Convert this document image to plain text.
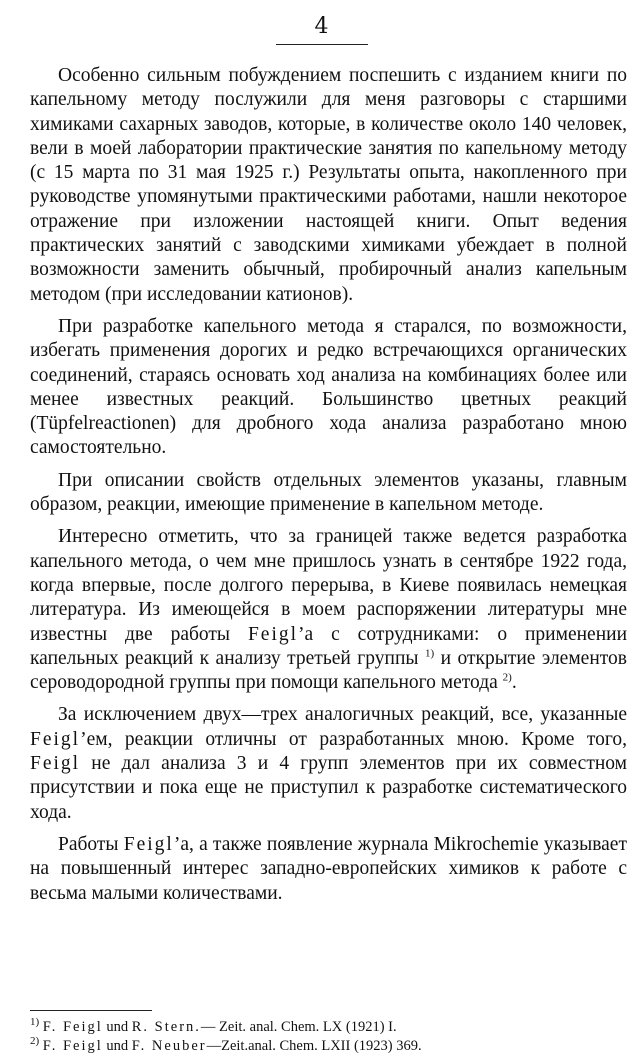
4

Особенно сильным побуждением поспешить с изданием книги по капельному методу послужили для меня разговоры с старшими химиками сахарных заводов, которые, в количестве около 140 человек, вели в моей лаборатории практические занятия по капельному методу (с 15 марта по 31 мая 1925 г.) Результаты опыта, накопленного при руководстве упомянутыми практическими работами, нашли некоторое отражение при изложении настоящей книги. Опыт ведения практических занятий с заводскими химиками убеждает в полной возможности заменить обычный, пробирочный анализ капельным методом (при исследовании катионов).

При разработке капельного метода я старался, по возможности, избегать применения дорогих и редко встречающихся органических соединений, стараясь основать ход анализа на комбинациях более или менее известных реакций. Большинство цветных реакций (Tüpfelreactionen) для дробного хода анализа разработано мною самостоятельно.

При описании свойств отдельных элементов указаны, главным образом, реакции, имеющие применение в капельном методе.

Интересно отметить, что за границей также ведется разработка капельного метода, о чем мне пришлось узнать в сентябре 1922 года, когда впервые, после долгого перерыва, в Киеве появилась немецкая литература. Из имеющейся в моем распоряжении литературы мне известны две работы Feigl’а с сотрудниками: о применении капельных реакций к анализу третьей группы $^{1)}$ и открытие элементов сероводородной группы при помощи капельного метода $^{2)}$.

За исключением двух—трех аналогичных реакций, все, указанные Feigl’ем, реакции отличны от разработанных мною. Кроме того, Feigl не дал анализа 3 и 4 групп элементов при их совместном присутствии и пока еще не приступил к разработке систематического хода.

Работы Feigl’а, а также появление журнала Mikrochemie указывает на повышенный интерес западно-европейских химиков к работе с весьма малыми количествами.

$^{1)}$ F. Feigl und R. Stern.— Zeit. anal. Chem. LX (1921) I.
$^{2)}$ F. Feigl und F. Neuber—Zeit.anal. Chem. LXII (1923) 369.
